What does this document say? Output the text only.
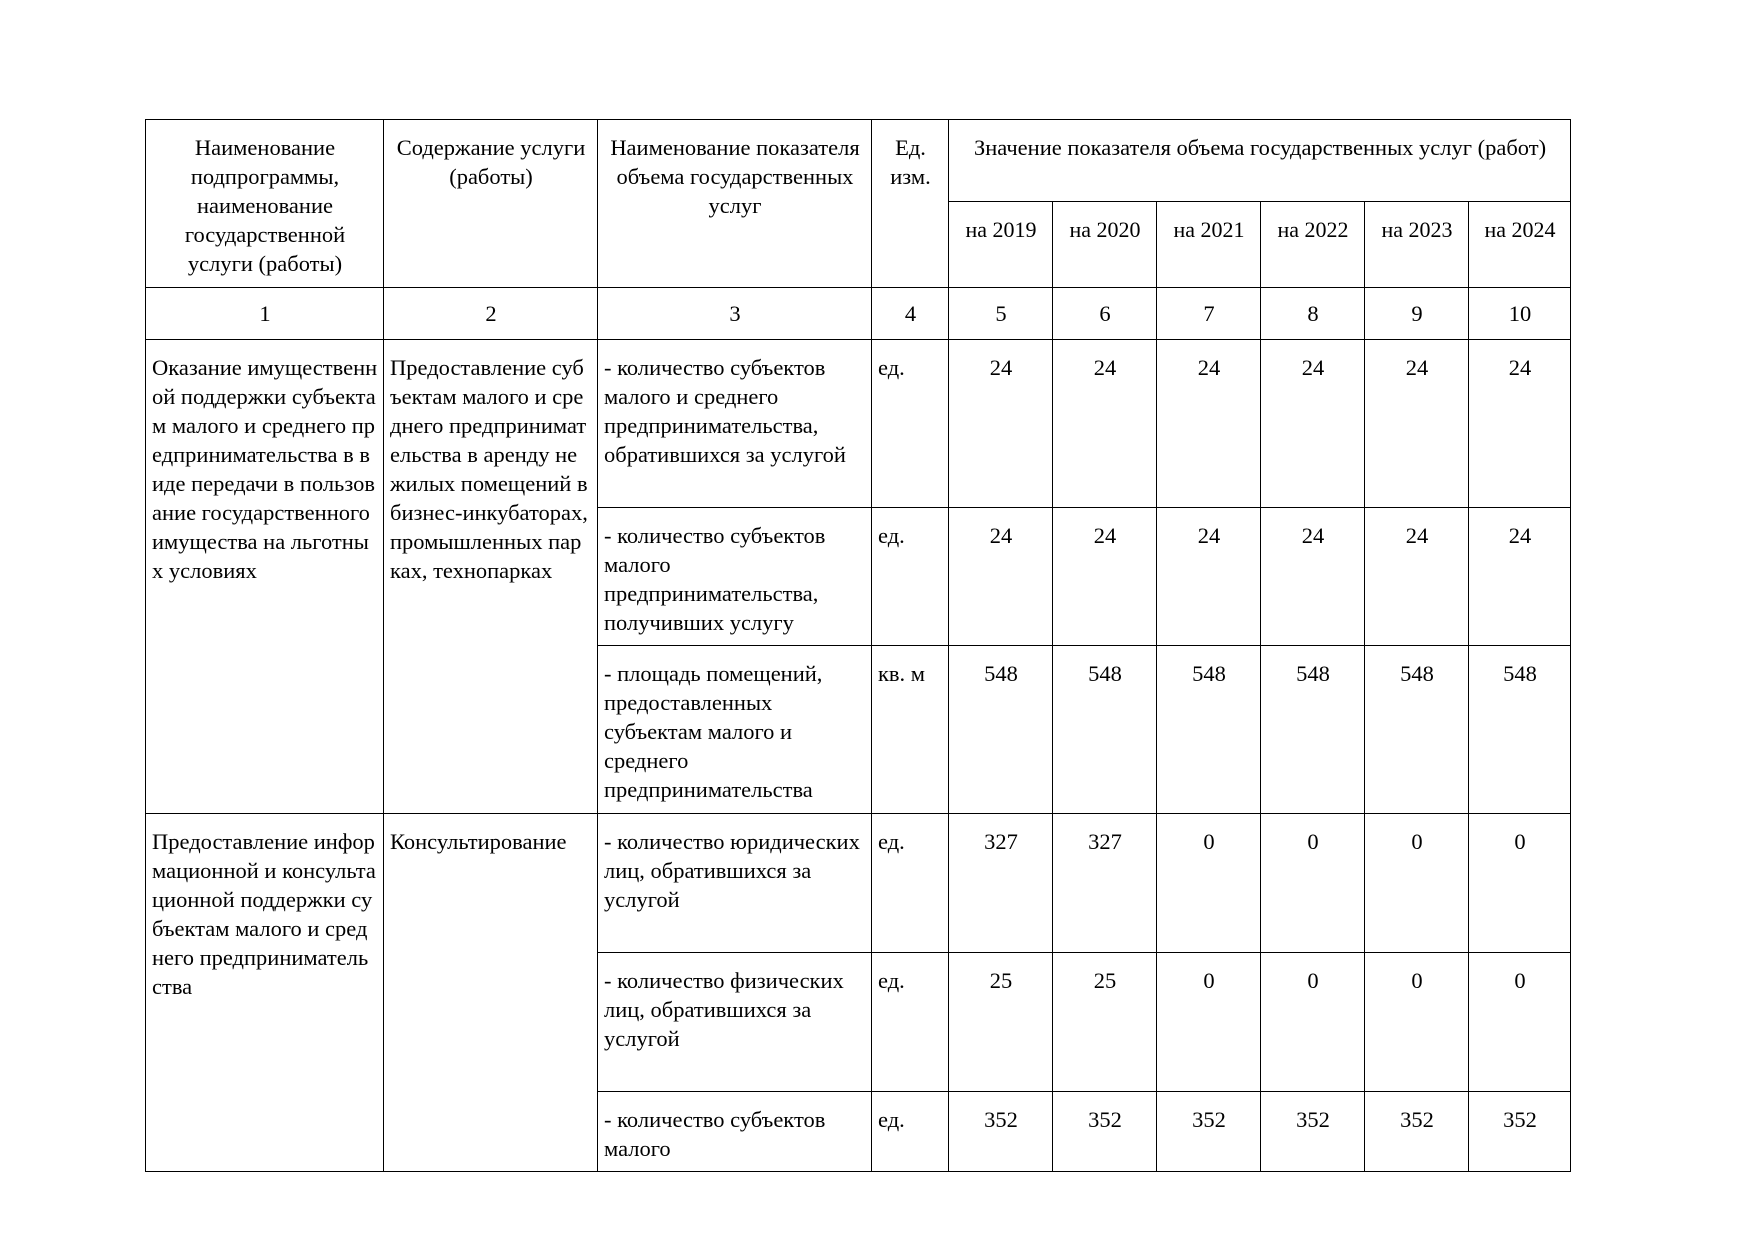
Наименование подпрограммы, наименование государственной услуги (работы)	Содержание услуги (работы)	Наименование показателя объема государственных услуг	Ед. изм.	Значение показателя объема государственных услуг (работ)					
				на 2019	на 2020	на 2021	на 2022	на 2023	на 2024
1	2	3	4	5	6	7	8	9	10
Оказание имущественной поддержки субъектам малого и среднего предпринимательства в виде передачи в пользование государственного имущества на льготных условиях	Предоставление субъектам малого и среднего предпринимательства в аренду нежилых помещений в бизнес-инкубаторах, промышленных парках, технопарках	- количество субъектов малого и среднего предпринимательства, обратившихся за услугой	ед.	24	24	24	24	24	24
		- количество субъектов малого предпринимательства, получивших услугу	ед.	24	24	24	24	24	24
		- площадь помещений, предоставленных субъектам малого и среднего предпринимательства	кв. м	548	548	548	548	548	548
Предоставление информационной и консультационной поддержки субъектам малого и среднего предпринимательства	Консультирование	- количество юридических лиц, обратившихся за услугой	ед.	327	327	0	0	0	0
		- количество физических лиц, обратившихся за услугой	ед.	25	25	0	0	0	0
		- количество субъектов малого	ед.	352	352	352	352	352	352
